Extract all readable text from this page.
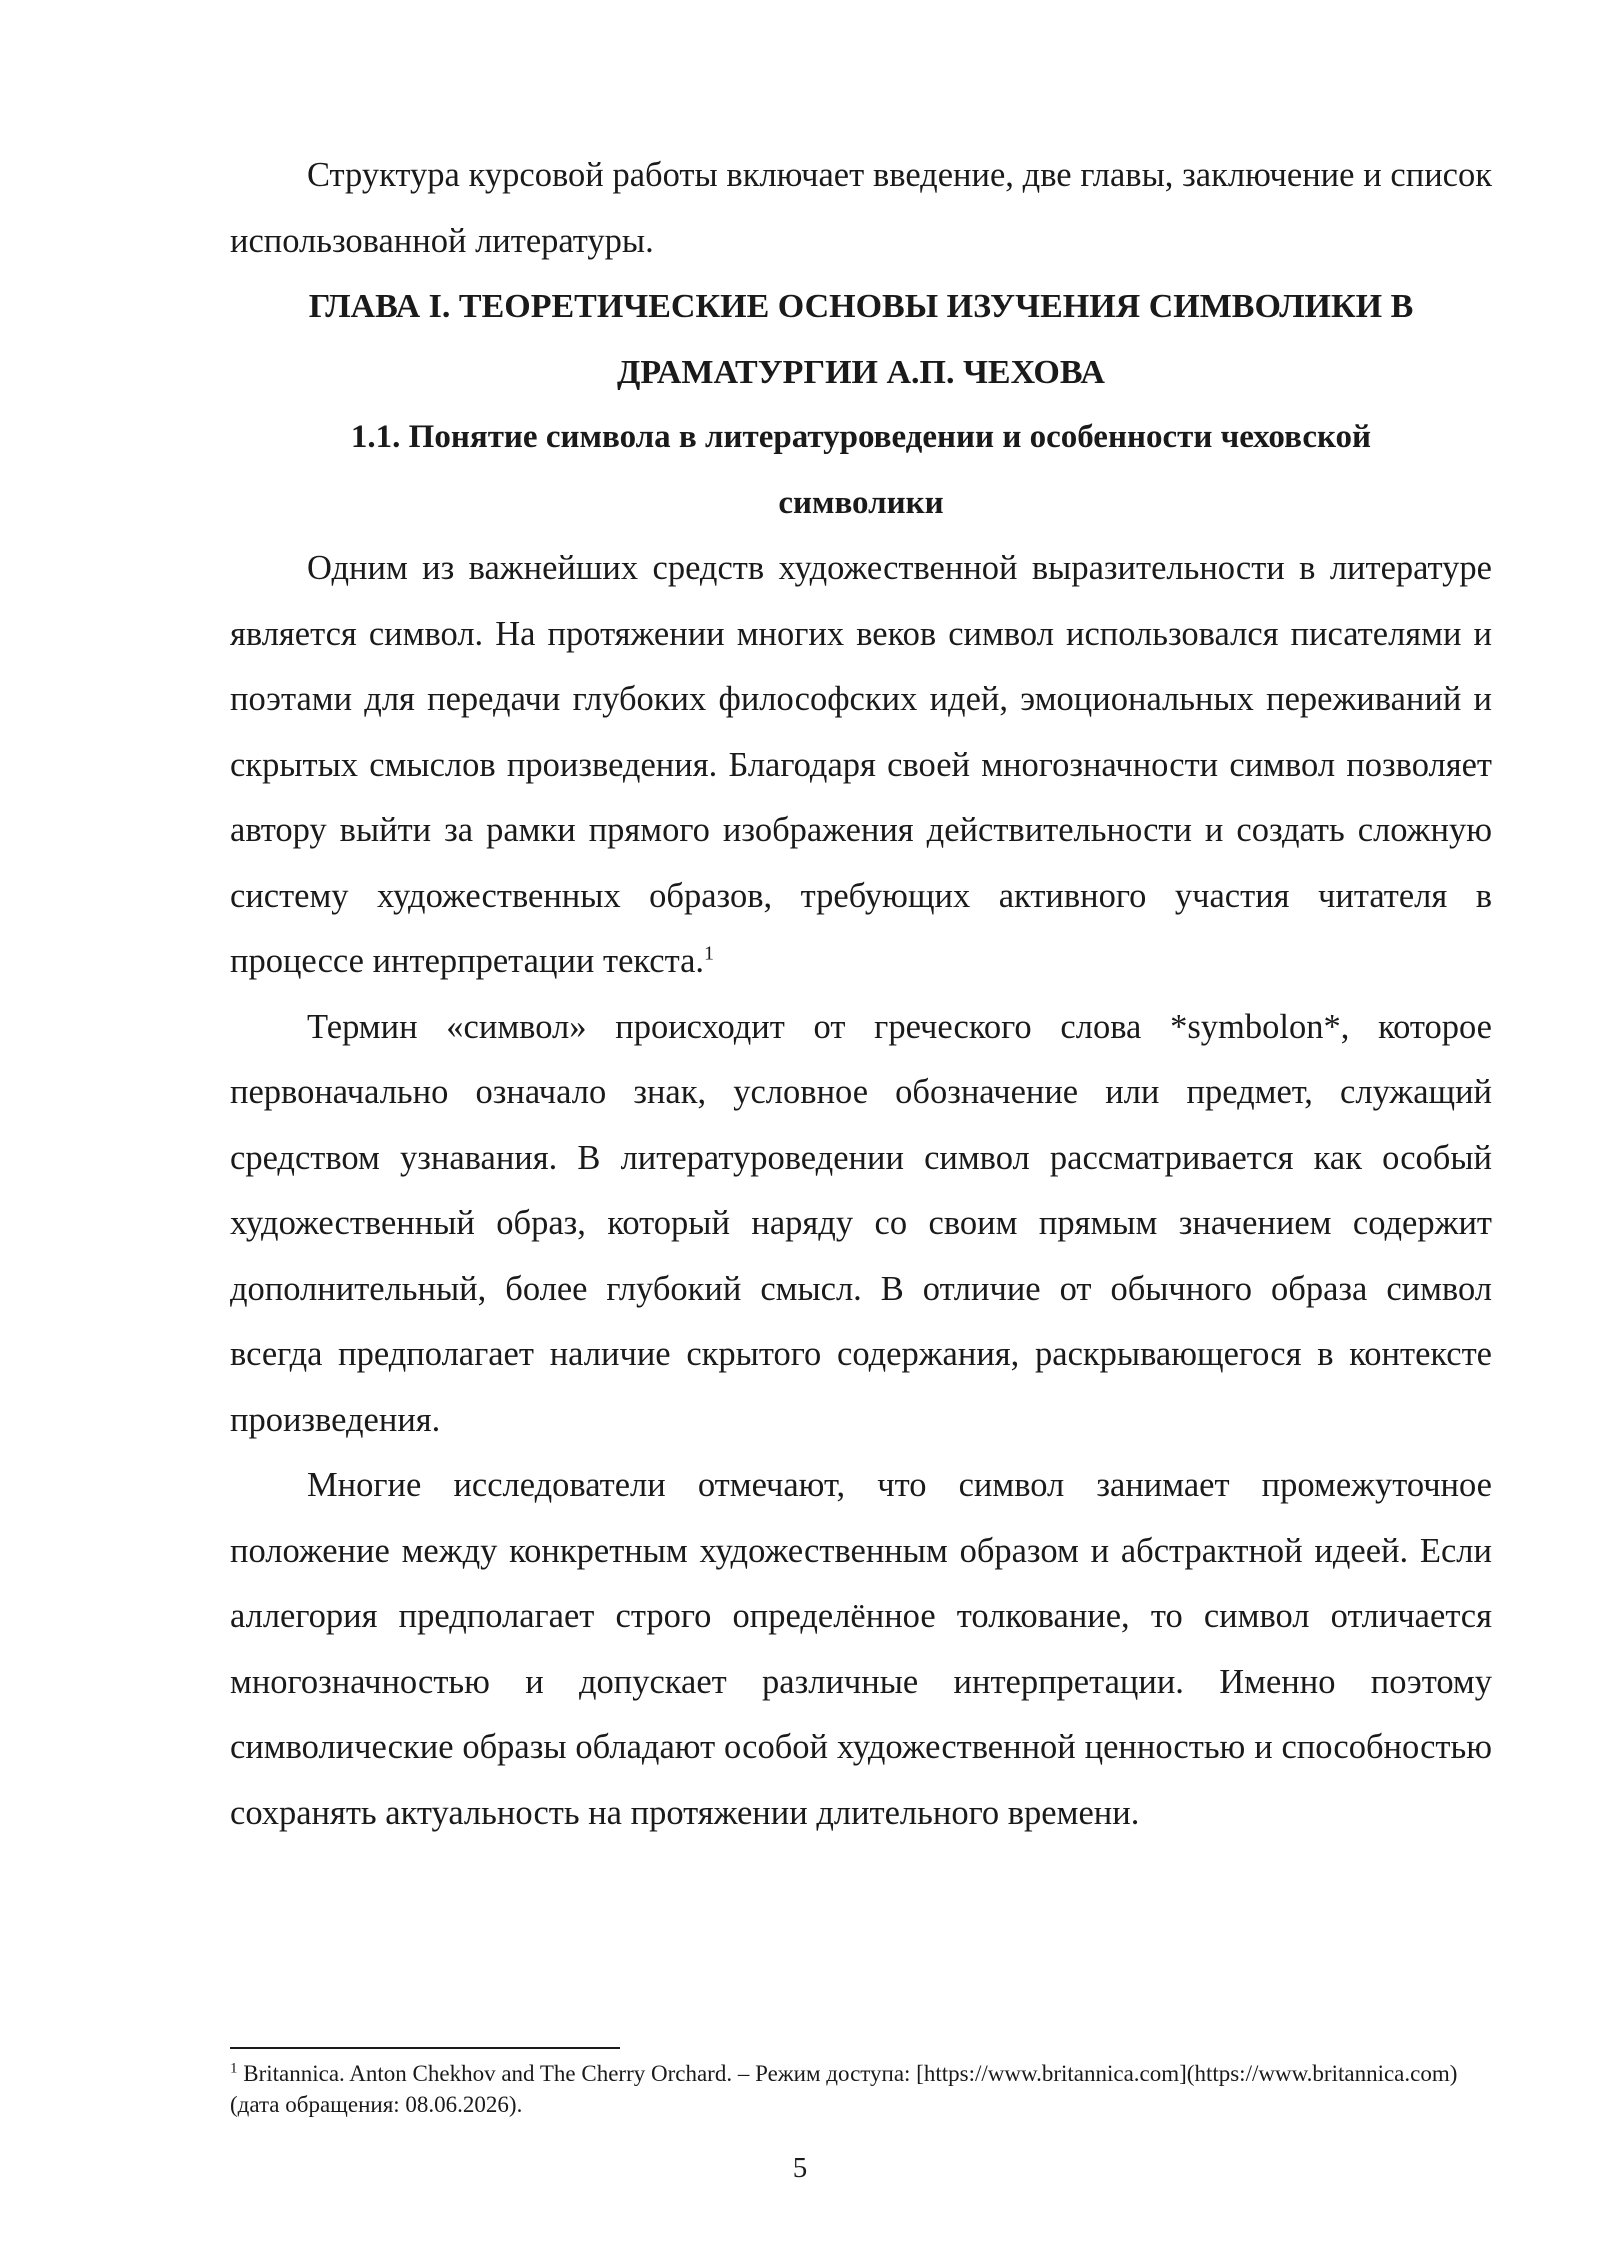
Структура курсовой работы включает введение, две главы, заключение и список использованной литературы.

ГЛАВА I. ТЕОРЕТИЧЕСКИЕ ОСНОВЫ ИЗУЧЕНИЯ СИМВОЛИКИ В ДРАМАТУРГИИ А.П. ЧЕХОВА
1.1. Понятие символа в литературоведении и особенности чеховской символики

Одним из важнейших средств художественной выразительности в литературе является символ. На протяжении многих веков символ использовался писателями и поэтами для передачи глубоких философских идей, эмоциональных переживаний и скрытых смыслов произведения. Благодаря своей многозначности символ позволяет автору выйти за рамки прямого изображения действительности и создать сложную систему художественных образов, требующих активного участия читателя в процессе интерпретации текста.$^1$

Термин «символ» происходит от греческого слова *symbolon*, которое первоначально означало знак, условное обозначение или предмет, служащий средством узнавания. В литературоведении символ рассматривается как особый художественный образ, который наряду со своим прямым значением содержит дополнительный, более глубокий смысл. В отличие от обычного образа символ всегда предполагает наличие скрытого содержания, раскрывающегося в контексте произведения.

Многие исследователи отмечают, что символ занимает промежуточное положение между конкретным художественным образом и абстрактной идеей. Если аллегория предполагает строго определённое толкование, то символ отличается многозначностью и допускает различные интерпретации. Именно поэтому символические образы обладают особой художественной ценностью и способностью сохранять актуальность на протяжении длительного времени.

$^1$ Britannica. Anton Chekhov and The Cherry Orchard. – Режим доступа: [https://www.britannica.com](https://www.britannica.com) (дата обращения: 08.06.2026).

5
